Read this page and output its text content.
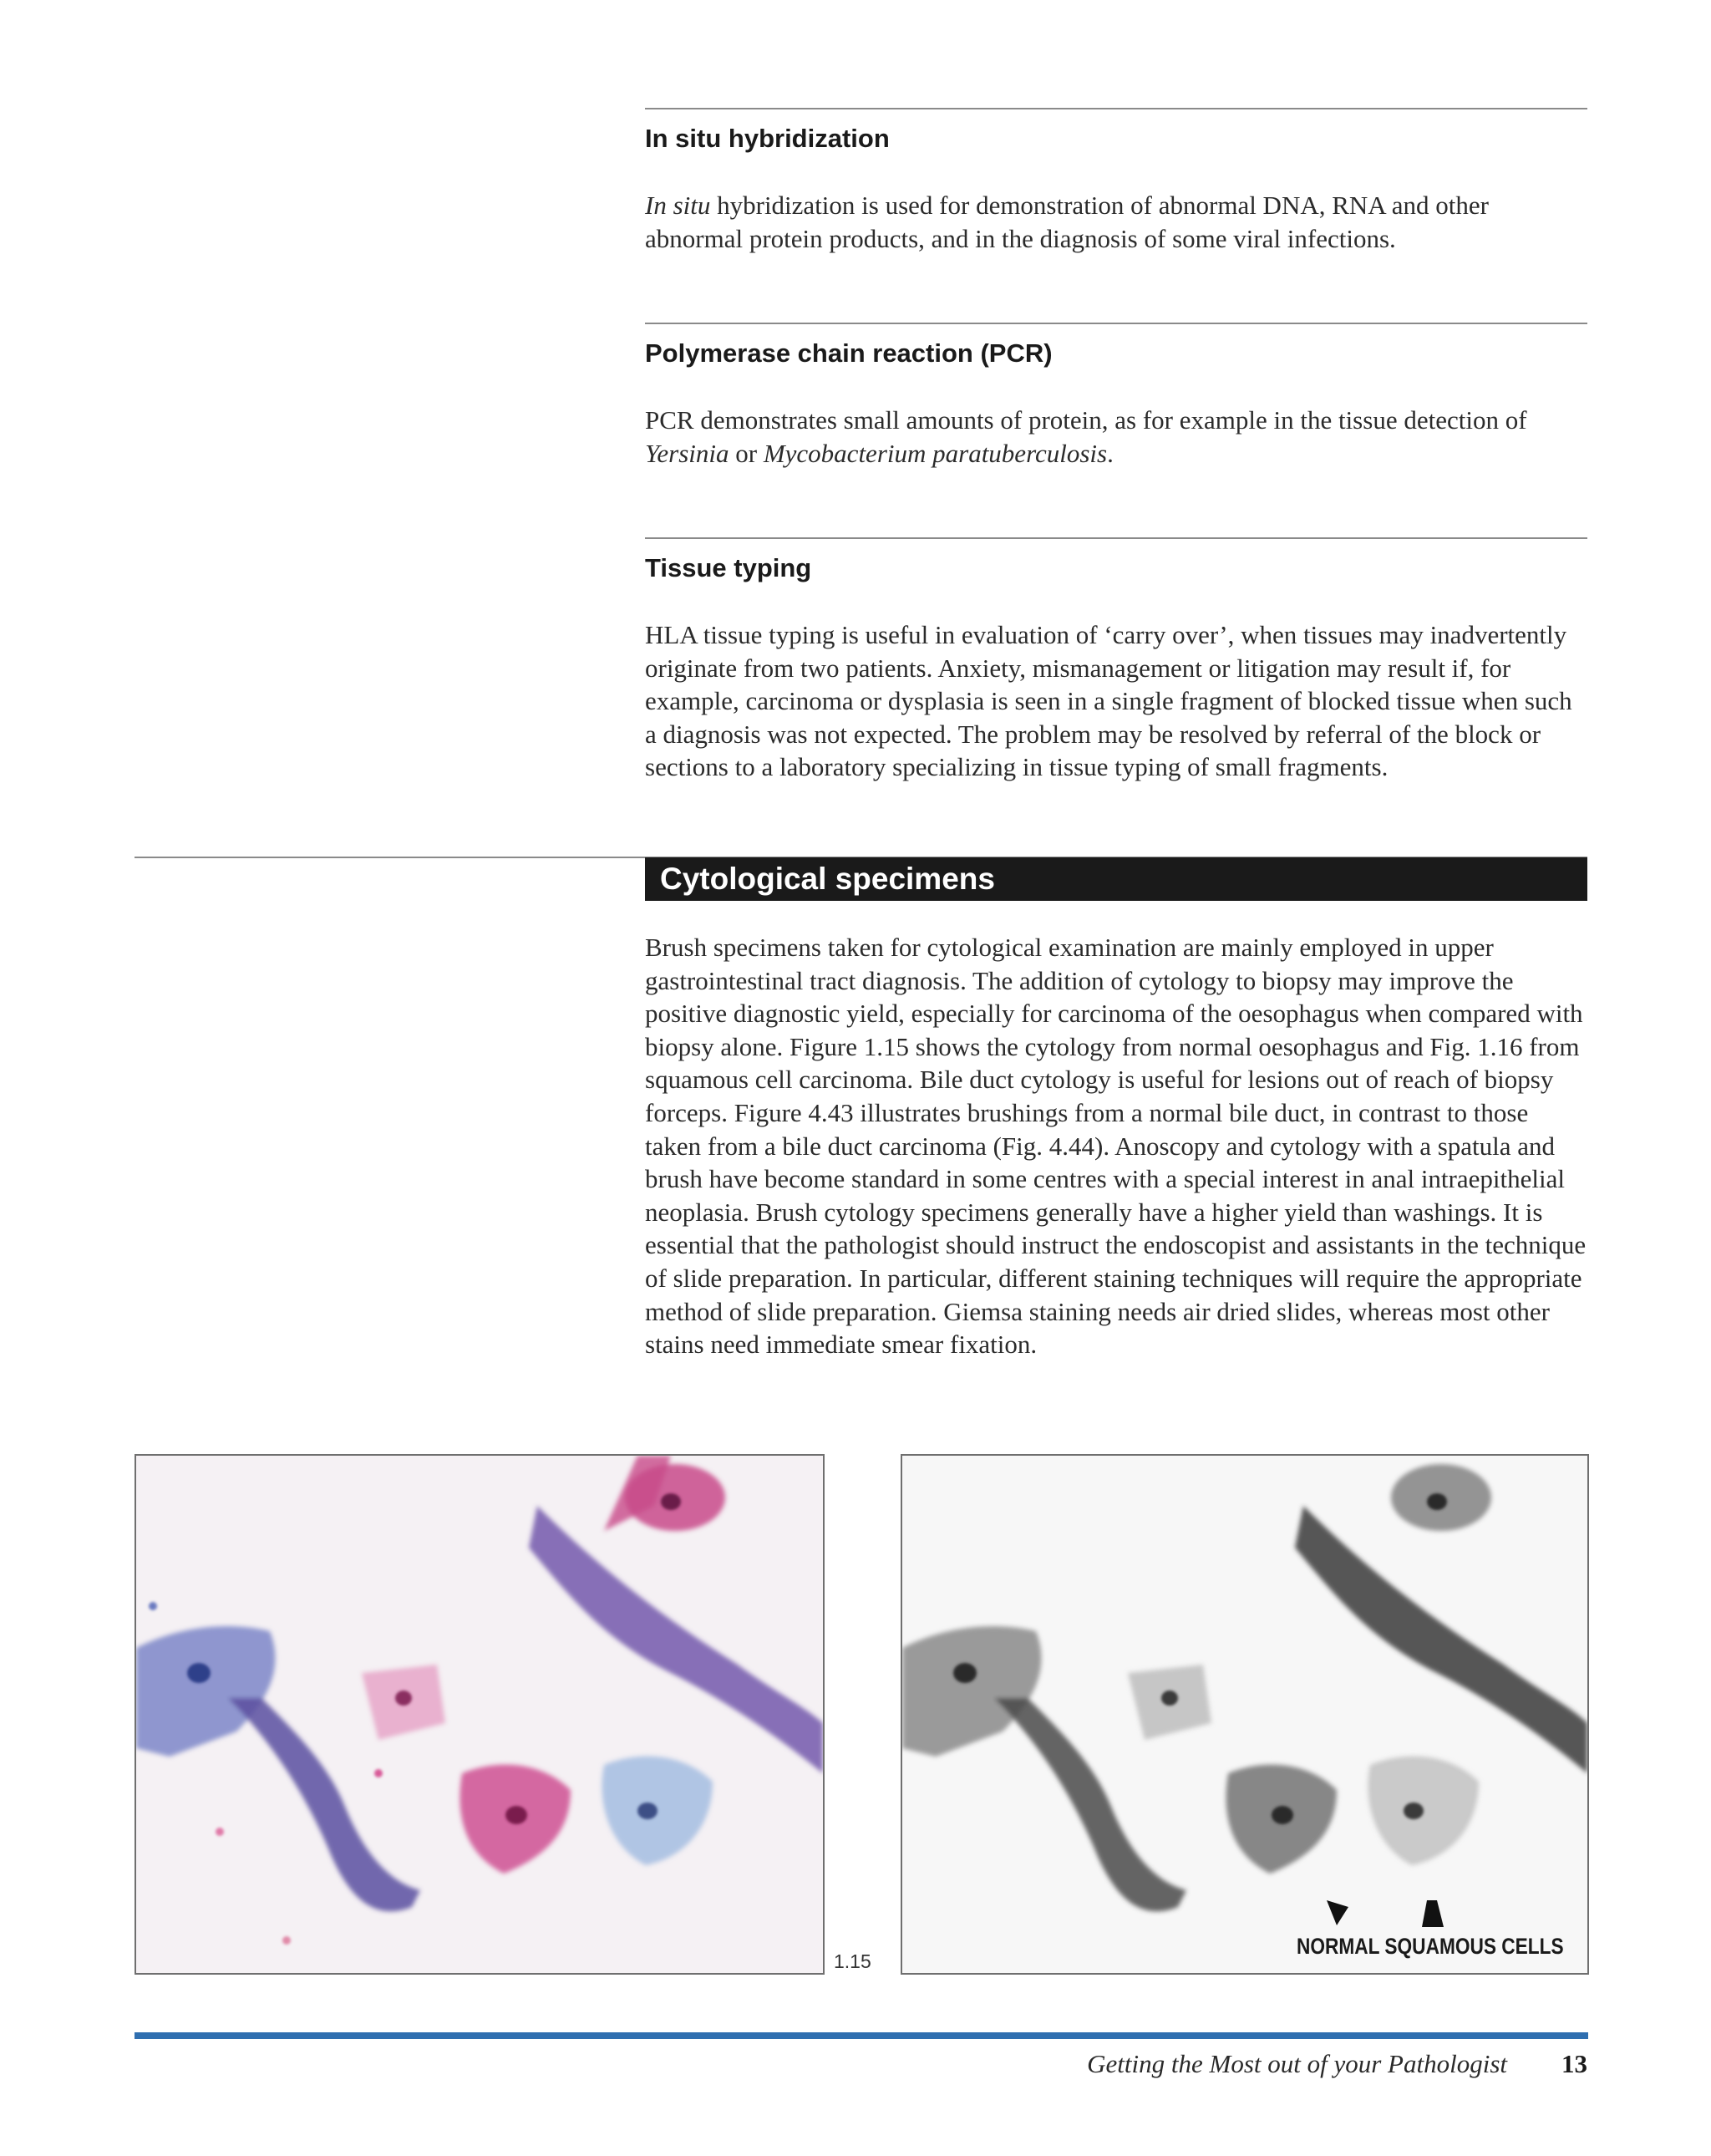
In situ hybridization

In situ hybridization is used for demonstration of abnormal DNA, RNA and other abnormal protein products, and in the diagnosis of some viral infections.

Polymerase chain reaction (PCR)

PCR demonstrates small amounts of protein, as for example in the tissue detection of Yersinia or Mycobacterium paratuberculosis.

Tissue typing

HLA tissue typing is useful in evaluation of ‘carry over’, when tissues may inadvertently originate from two patients. Anxiety, mismanagement or litigation may result if, for example, carcinoma or dysplasia is seen in a single fragment of blocked tissue when such a diagnosis was not expected. The problem may be resolved by referral of the block or sections to a laboratory specializing in tissue typing of small fragments.

Cytological specimens

Brush specimens taken for cytological examination are mainly employed in upper gastrointestinal tract diagnosis. The addition of cytology to biopsy may improve the positive diagnostic yield, especially for carcinoma of the oesophagus when compared with biopsy alone. Figure 1.15 shows the cytology from normal oesophagus and Fig. 1.16 from squamous cell carcinoma. Bile duct cytology is useful for lesions out of reach of biopsy forceps. Figure 4.43 illustrates brushings from a normal bile duct, in contrast to those taken from a bile duct carcinoma (Fig. 4.44). Anoscopy and cytology with a spatula and brush have become standard in some centres with a special interest in anal intraepithelial neoplasia. Brush cytology specimens generally have a higher yield than washings. It is essential that the pathologist should instruct the endoscopist and assistants in the technique of slide preparation. In particular, different staining techniques will require the appropriate method of slide preparation. Giemsa staining needs air dried slides, whereas most other stains need immediate smear fixation.

1.15
NORMAL SQUAMOUS CELLS
Getting the Most out of your Pathologist 13
